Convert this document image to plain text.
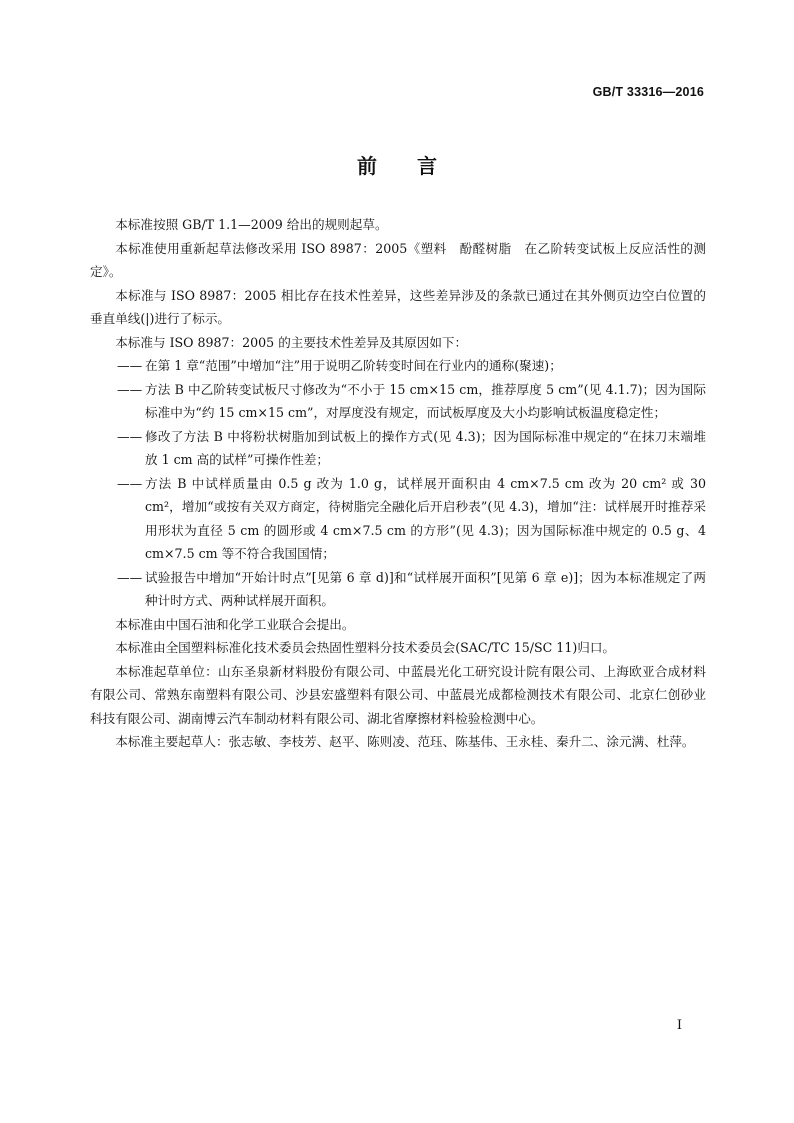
GB/T 33316—2016
前言

本标准按照 GB/T 1.1—2009 给出的规则起草。

本标准使用重新起草法修改采用 ISO 8987：2005《塑料　酚醛树脂　在乙阶转变试板上反应活性的测定》。

本标准与 ISO 8987：2005 相比存在技术性差异，这些差异涉及的条款已通过在其外侧页边空白位置的垂直单线(|)进行了标示。

本标准与 ISO 8987：2005 的主要技术性差异及其原因如下：

—— 在第 1 章“范围”中增加“注”用于说明乙阶转变时间在行业内的通称(聚速)；

—— 方法 B 中乙阶转变试板尺寸修改为“不小于 15 cm×15 cm，推荐厚度 5 cm”(见 4.1.7)；因为国际标准中为“约 15 cm×15 cm”，对厚度没有规定，而试板厚度及大小均影响试板温度稳定性；

—— 修改了方法 B 中将粉状树脂加到试板上的操作方式(见 4.3)；因为国际标准中规定的“在抹刀末端堆放 1 cm 高的试样”可操作性差；

—— 方法 B 中试样质量由 0.5 g 改为 1.0 g，试样展开面积由 4 cm×7.5 cm 改为 20 cm² 或 30 cm²，增加“或按有关双方商定，待树脂完全融化后开启秒表”(见 4.3)，增加“注：试样展开时推荐采用形状为直径 5 cm 的圆形或 4 cm×7.5 cm 的方形”(见 4.3)；因为国际标准中规定的 0.5 g、4 cm×7.5 cm 等不符合我国国情；

—— 试验报告中增加“开始计时点”[见第 6 章 d)]和“试样展开面积”[见第 6 章 e)]；因为本标准规定了两种计时方式、两种试样展开面积。

本标准由中国石油和化学工业联合会提出。

本标准由全国塑料标准化技术委员会热固性塑料分技术委员会(SAC/TC 15/SC 11)归口。

本标准起草单位：山东圣泉新材料股份有限公司、中蓝晨光化工研究设计院有限公司、上海欧亚合成材料有限公司、常熟东南塑料有限公司、沙县宏盛塑料有限公司、中蓝晨光成都检测技术有限公司、北京仁创砂业科技有限公司、湖南博云汽车制动材料有限公司、湖北省摩擦材料检验检测中心。

本标准主要起草人：张志敏、李枝芳、赵平、陈则凌、范珏、陈基伟、王永桂、秦升二、涂元满、杜萍。

I
